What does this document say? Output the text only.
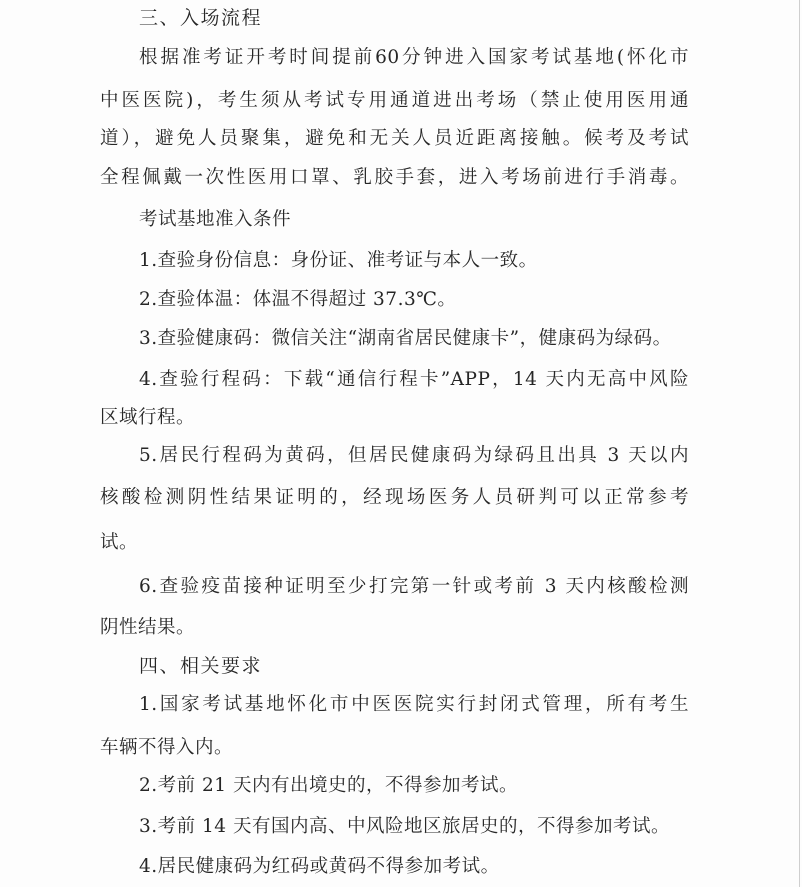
三、入场流程

根据准考证开考时间提前60分钟进入国家考试基地(怀化市

中医医院)，考生须从考试专用通道进出考场（禁止使用医用通

道），避免人员聚集，避免和无关人员近距离接触。候考及考试

全程佩戴一次性医用口罩、乳胶手套，进入考场前进行手消毒。

考试基地准入条件

1.查验身份信息：身份证、准考证与本人一致。

2.查验体温：体温不得超过 37.3℃。

3.查验健康码：微信关注“湖南省居民健康卡”，健康码为绿码。

4.查验行程码：下载“通信行程卡”APP，14 天内无高中风险

区域行程。

5.居民行程码为黄码，但居民健康码为绿码且出具 3 天以内

核酸检测阴性结果证明的，经现场医务人员研判可以正常参考

试。

6.查验疫苗接种证明至少打完第一针或考前 3 天内核酸检测

阴性结果。

四、相关要求

1.国家考试基地怀化市中医医院实行封闭式管理，所有考生

车辆不得入内。

2.考前 21 天内有出境史的，不得参加考试。

3.考前 14 天有国内高、中风险地区旅居史的，不得参加考试。

4.居民健康码为红码或黄码不得参加考试。
